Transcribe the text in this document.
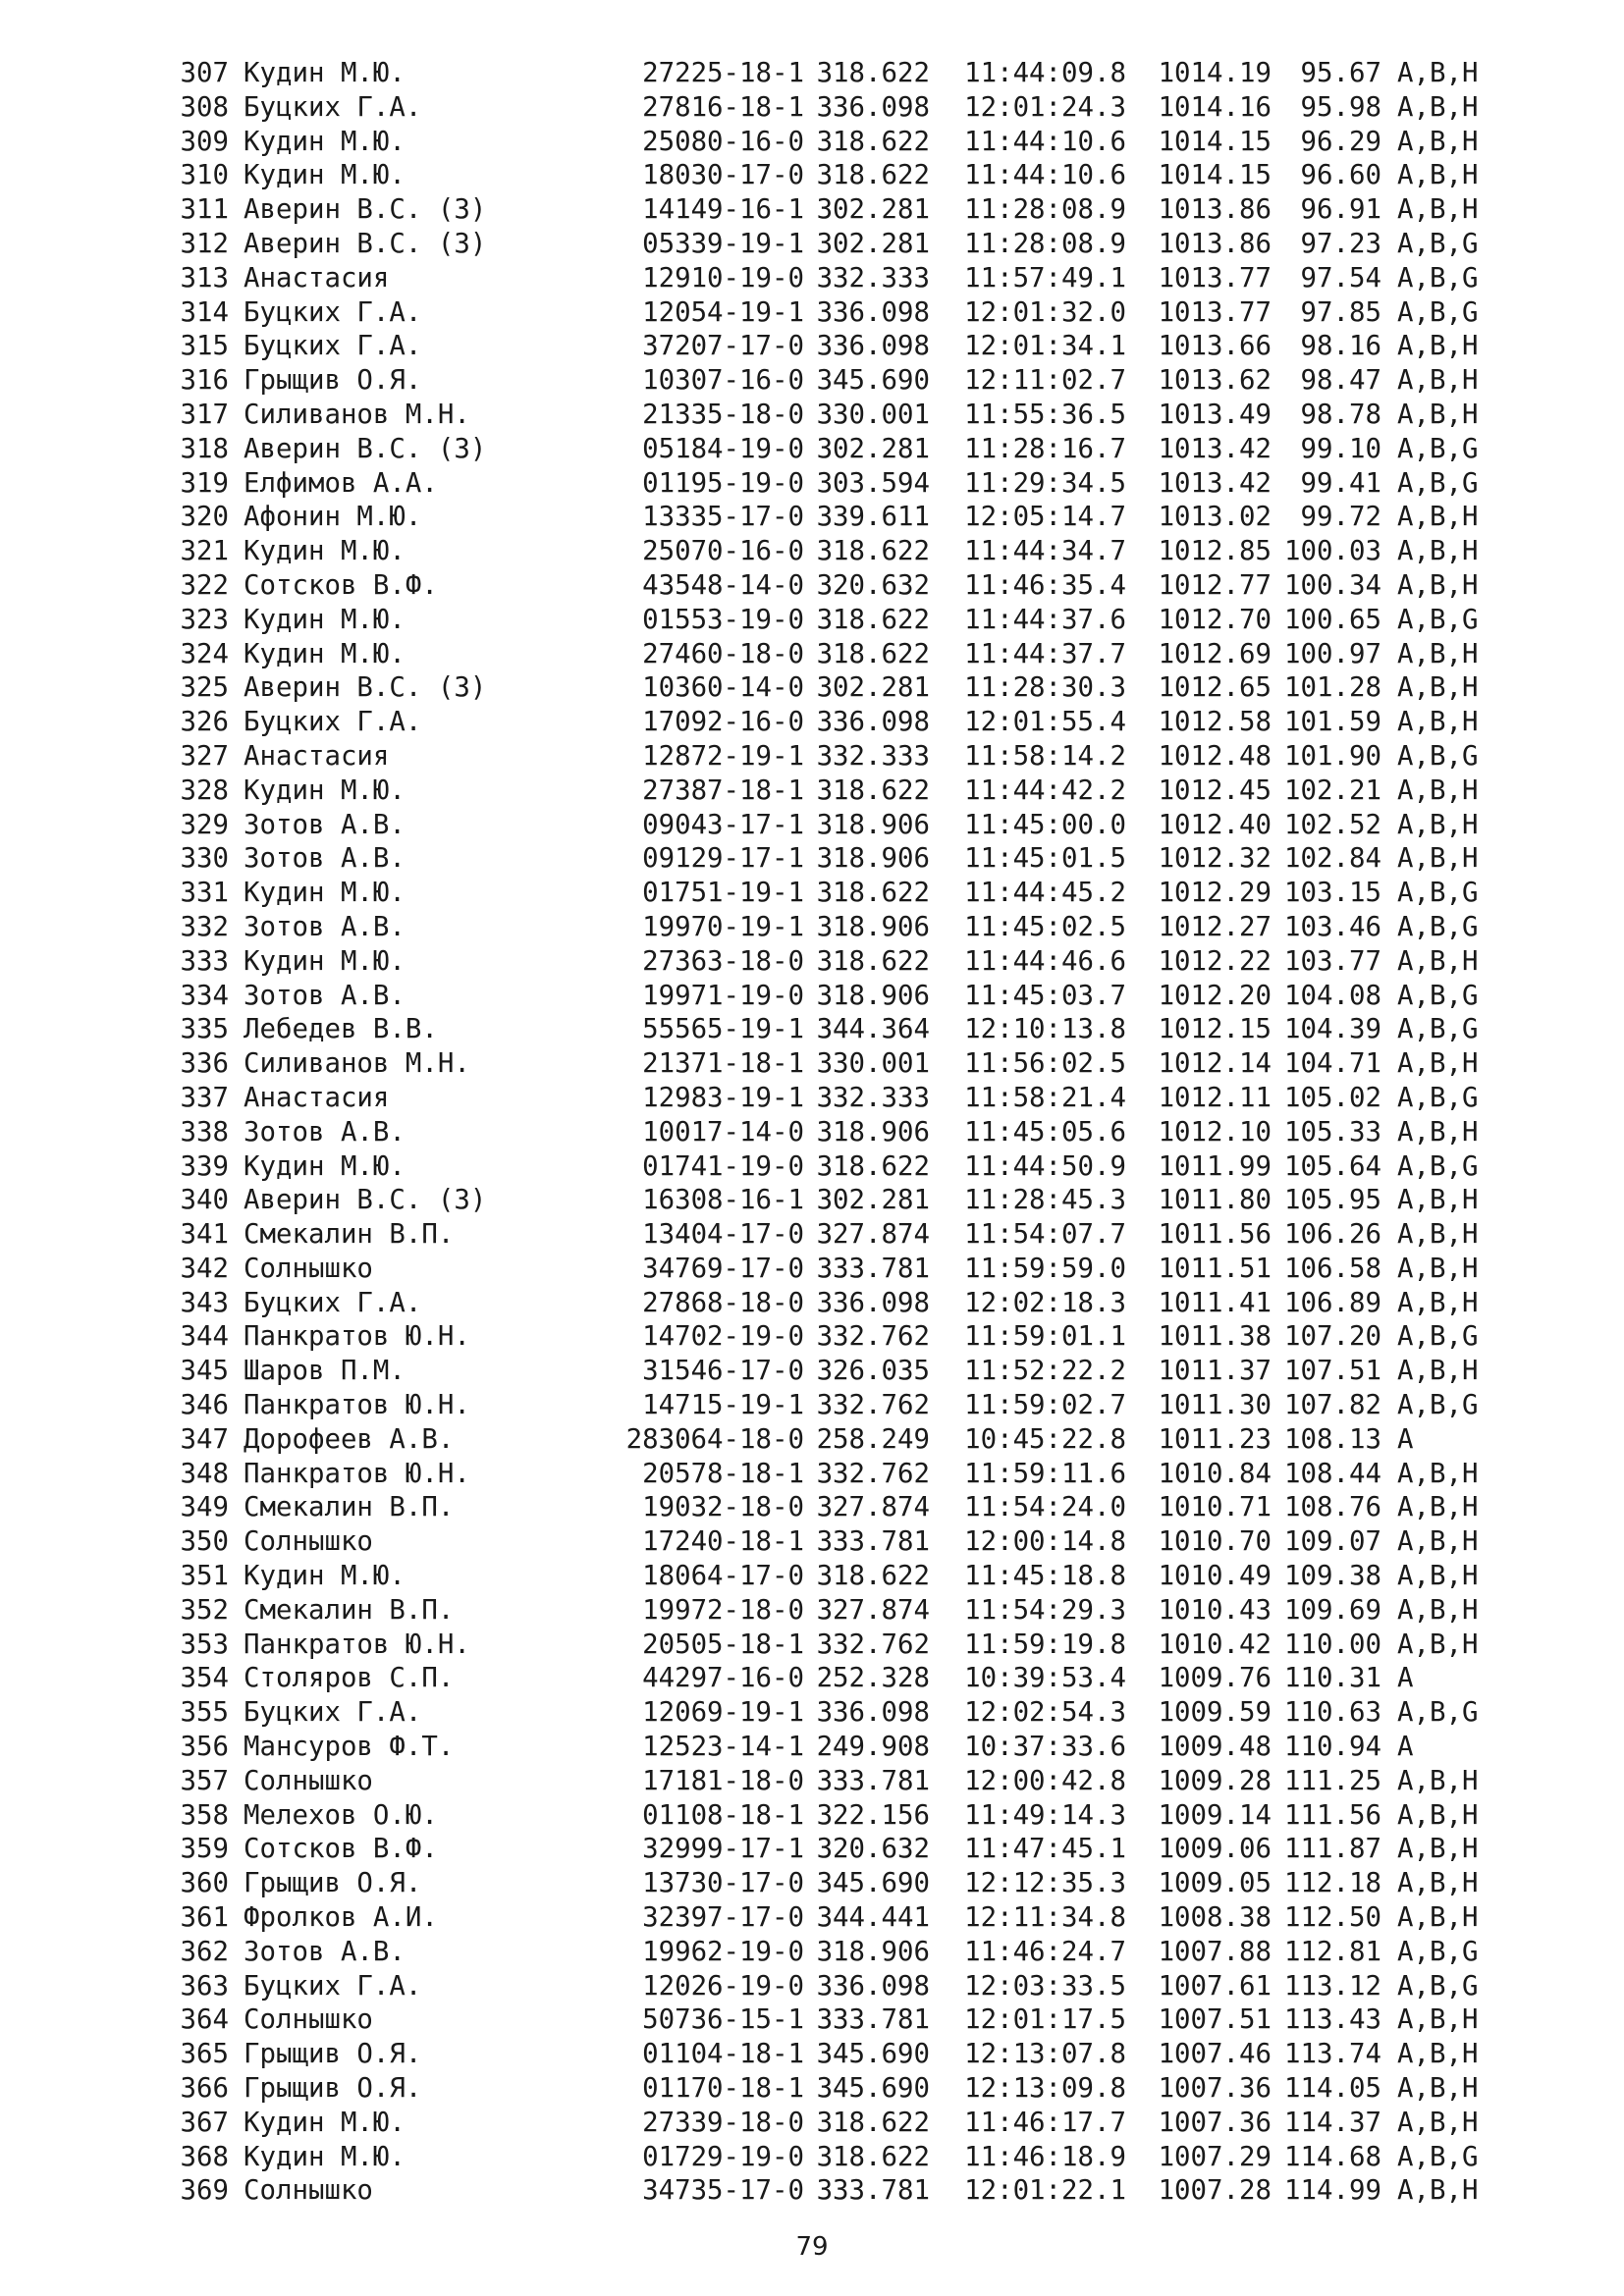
307	Кудин М.Ю.	27225-18-1	318.622	11:44:09.8	1014.19	95.67	A,B,H
308	Буцких Г.А.	27816-18-1	336.098	12:01:24.3	1014.16	95.98	A,B,H
309	Кудин М.Ю.	25080-16-0	318.622	11:44:10.6	1014.15	96.29	A,B,H
310	Кудин М.Ю.	18030-17-0	318.622	11:44:10.6	1014.15	96.60	A,B,H
311	Аверин В.С. (З)	14149-16-1	302.281	11:28:08.9	1013.86	96.91	A,B,H
312	Аверин В.С. (З)	05339-19-1	302.281	11:28:08.9	1013.86	97.23	A,B,G
313	Анастасия	12910-19-0	332.333	11:57:49.1	1013.77	97.54	A,B,G
314	Буцких Г.А.	12054-19-1	336.098	12:01:32.0	1013.77	97.85	A,B,G
315	Буцких Г.А.	37207-17-0	336.098	12:01:34.1	1013.66	98.16	A,B,H
316	Грыщив О.Я.	10307-16-0	345.690	12:11:02.7	1013.62	98.47	A,B,H
317	Силиванов М.Н.	21335-18-0	330.001	11:55:36.5	1013.49	98.78	A,B,H
318	Аверин В.С. (З)	05184-19-0	302.281	11:28:16.7	1013.42	99.10	A,B,G
319	Елфимов А.А.	01195-19-0	303.594	11:29:34.5	1013.42	99.41	A,B,G
320	Афонин М.Ю.	13335-17-0	339.611	12:05:14.7	1013.02	99.72	A,B,H
321	Кудин М.Ю.	25070-16-0	318.622	11:44:34.7	1012.85	100.03	A,B,H
322	Сотсков В.Ф.	43548-14-0	320.632	11:46:35.4	1012.77	100.34	A,B,H
323	Кудин М.Ю.	01553-19-0	318.622	11:44:37.6	1012.70	100.65	A,B,G
324	Кудин М.Ю.	27460-18-0	318.622	11:44:37.7	1012.69	100.97	A,B,H
325	Аверин В.С. (З)	10360-14-0	302.281	11:28:30.3	1012.65	101.28	A,B,H
326	Буцких Г.А.	17092-16-0	336.098	12:01:55.4	1012.58	101.59	A,B,H
327	Анастасия	12872-19-1	332.333	11:58:14.2	1012.48	101.90	A,B,G
328	Кудин М.Ю.	27387-18-1	318.622	11:44:42.2	1012.45	102.21	A,B,H
329	Зотов А.В.	09043-17-1	318.906	11:45:00.0	1012.40	102.52	A,B,H
330	Зотов А.В.	09129-17-1	318.906	11:45:01.5	1012.32	102.84	A,B,H
331	Кудин М.Ю.	01751-19-1	318.622	11:44:45.2	1012.29	103.15	A,B,G
332	Зотов А.В.	19970-19-1	318.906	11:45:02.5	1012.27	103.46	A,B,G
333	Кудин М.Ю.	27363-18-0	318.622	11:44:46.6	1012.22	103.77	A,B,H
334	Зотов А.В.	19971-19-0	318.906	11:45:03.7	1012.20	104.08	A,B,G
335	Лебедев В.В.	55565-19-1	344.364	12:10:13.8	1012.15	104.39	A,B,G
336	Силиванов М.Н.	21371-18-1	330.001	11:56:02.5	1012.14	104.71	A,B,H
337	Анастасия	12983-19-1	332.333	11:58:21.4	1012.11	105.02	A,B,G
338	Зотов А.В.	10017-14-0	318.906	11:45:05.6	1012.10	105.33	A,B,H
339	Кудин М.Ю.	01741-19-0	318.622	11:44:50.9	1011.99	105.64	A,B,G
340	Аверин В.С. (З)	16308-16-1	302.281	11:28:45.3	1011.80	105.95	A,B,H
341	Смекалин В.П.	13404-17-0	327.874	11:54:07.7	1011.56	106.26	A,B,H
342	Солнышко	34769-17-0	333.781	11:59:59.0	1011.51	106.58	A,B,H
343	Буцких Г.А.	27868-18-0	336.098	12:02:18.3	1011.41	106.89	A,B,H
344	Панкратов Ю.Н.	14702-19-0	332.762	11:59:01.1	1011.38	107.20	A,B,G
345	Шаров П.М.	31546-17-0	326.035	11:52:22.2	1011.37	107.51	A,B,H
346	Панкратов Ю.Н.	14715-19-1	332.762	11:59:02.7	1011.30	107.82	A,B,G
347	Дорофеев А.В.	283064-18-0	258.249	10:45:22.8	1011.23	108.13	A
348	Панкратов Ю.Н.	20578-18-1	332.762	11:59:11.6	1010.84	108.44	A,B,H
349	Смекалин В.П.	19032-18-0	327.874	11:54:24.0	1010.71	108.76	A,B,H
350	Солнышко	17240-18-1	333.781	12:00:14.8	1010.70	109.07	A,B,H
351	Кудин М.Ю.	18064-17-0	318.622	11:45:18.8	1010.49	109.38	A,B,H
352	Смекалин В.П.	19972-18-0	327.874	11:54:29.3	1010.43	109.69	A,B,H
353	Панкратов Ю.Н.	20505-18-1	332.762	11:59:19.8	1010.42	110.00	A,B,H
354	Столяров С.П.	44297-16-0	252.328	10:39:53.4	1009.76	110.31	A
355	Буцких Г.А.	12069-19-1	336.098	12:02:54.3	1009.59	110.63	A,B,G
356	Мансуров Ф.Т.	12523-14-1	249.908	10:37:33.6	1009.48	110.94	A
357	Солнышко	17181-18-0	333.781	12:00:42.8	1009.28	111.25	A,B,H
358	Мелехов О.Ю.	01108-18-1	322.156	11:49:14.3	1009.14	111.56	A,B,H
359	Сотсков В.Ф.	32999-17-1	320.632	11:47:45.1	1009.06	111.87	A,B,H
360	Грыщив О.Я.	13730-17-0	345.690	12:12:35.3	1009.05	112.18	A,B,H
361	Фролков А.И.	32397-17-0	344.441	12:11:34.8	1008.38	112.50	A,B,H
362	Зотов А.В.	19962-19-0	318.906	11:46:24.7	1007.88	112.81	A,B,G
363	Буцких Г.А.	12026-19-0	336.098	12:03:33.5	1007.61	113.12	A,B,G
364	Солнышко	50736-15-1	333.781	12:01:17.5	1007.51	113.43	A,B,H
365	Грыщив О.Я.	01104-18-1	345.690	12:13:07.8	1007.46	113.74	A,B,H
366	Грыщив О.Я.	01170-18-1	345.690	12:13:09.8	1007.36	114.05	A,B,H
367	Кудин М.Ю.	27339-18-0	318.622	11:46:17.7	1007.36	114.37	A,B,H
368	Кудин М.Ю.	01729-19-0	318.622	11:46:18.9	1007.29	114.68	A,B,G
369	Солнышко	34735-17-0	333.781	12:01:22.1	1007.28	114.99	A,B,H
79
